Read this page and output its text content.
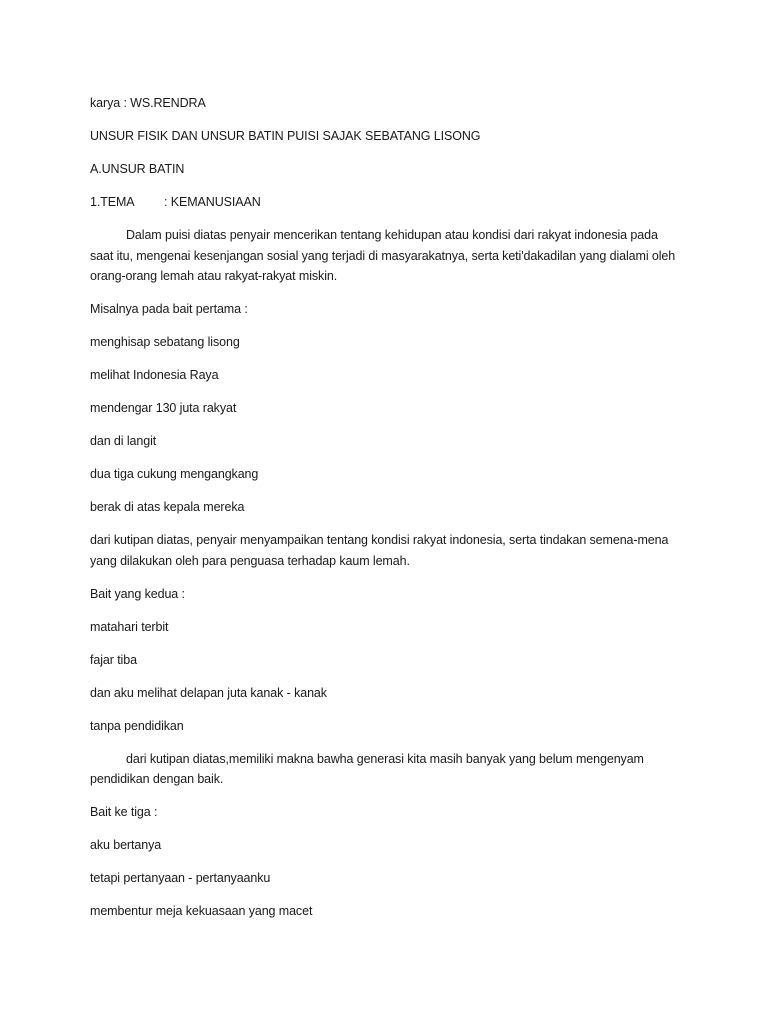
karya : WS.RENDRA

UNSUR FISIK DAN UNSUR BATIN PUISI SAJAK SEBATANG LISONG

A.UNSUR BATIN

1.TEMA	: KEMANUSIAAN

Dalam puisi diatas penyair mencerikan tentang kehidupan atau kondisi dari rakyat indonesia pada saat itu, mengenai kesenjangan sosial yang terjadi di masyarakatnya, serta keti'dakadilan yang dialami oleh orang-orang lemah atau rakyat-rakyat miskin.

Misalnya pada bait pertama :

menghisap sebatang lisong

melihat Indonesia Raya

mendengar 130 juta rakyat

dan di langit

dua tiga cukung mengangkang

berak di atas kepala mereka

dari kutipan diatas, penyair menyampaikan tentang kondisi rakyat indonesia, serta tindakan semena-mena yang dilakukan oleh para penguasa terhadap kaum lemah.

Bait yang kedua :

matahari terbit

fajar tiba

dan aku melihat delapan juta kanak - kanak

tanpa pendidikan

dari kutipan diatas,memiliki makna bawha generasi kita masih banyak yang belum mengenyam pendidikan dengan baik.

Bait ke tiga :

aku bertanya

tetapi pertanyaan - pertanyaanku

membentur meja kekuasaan yang macet
